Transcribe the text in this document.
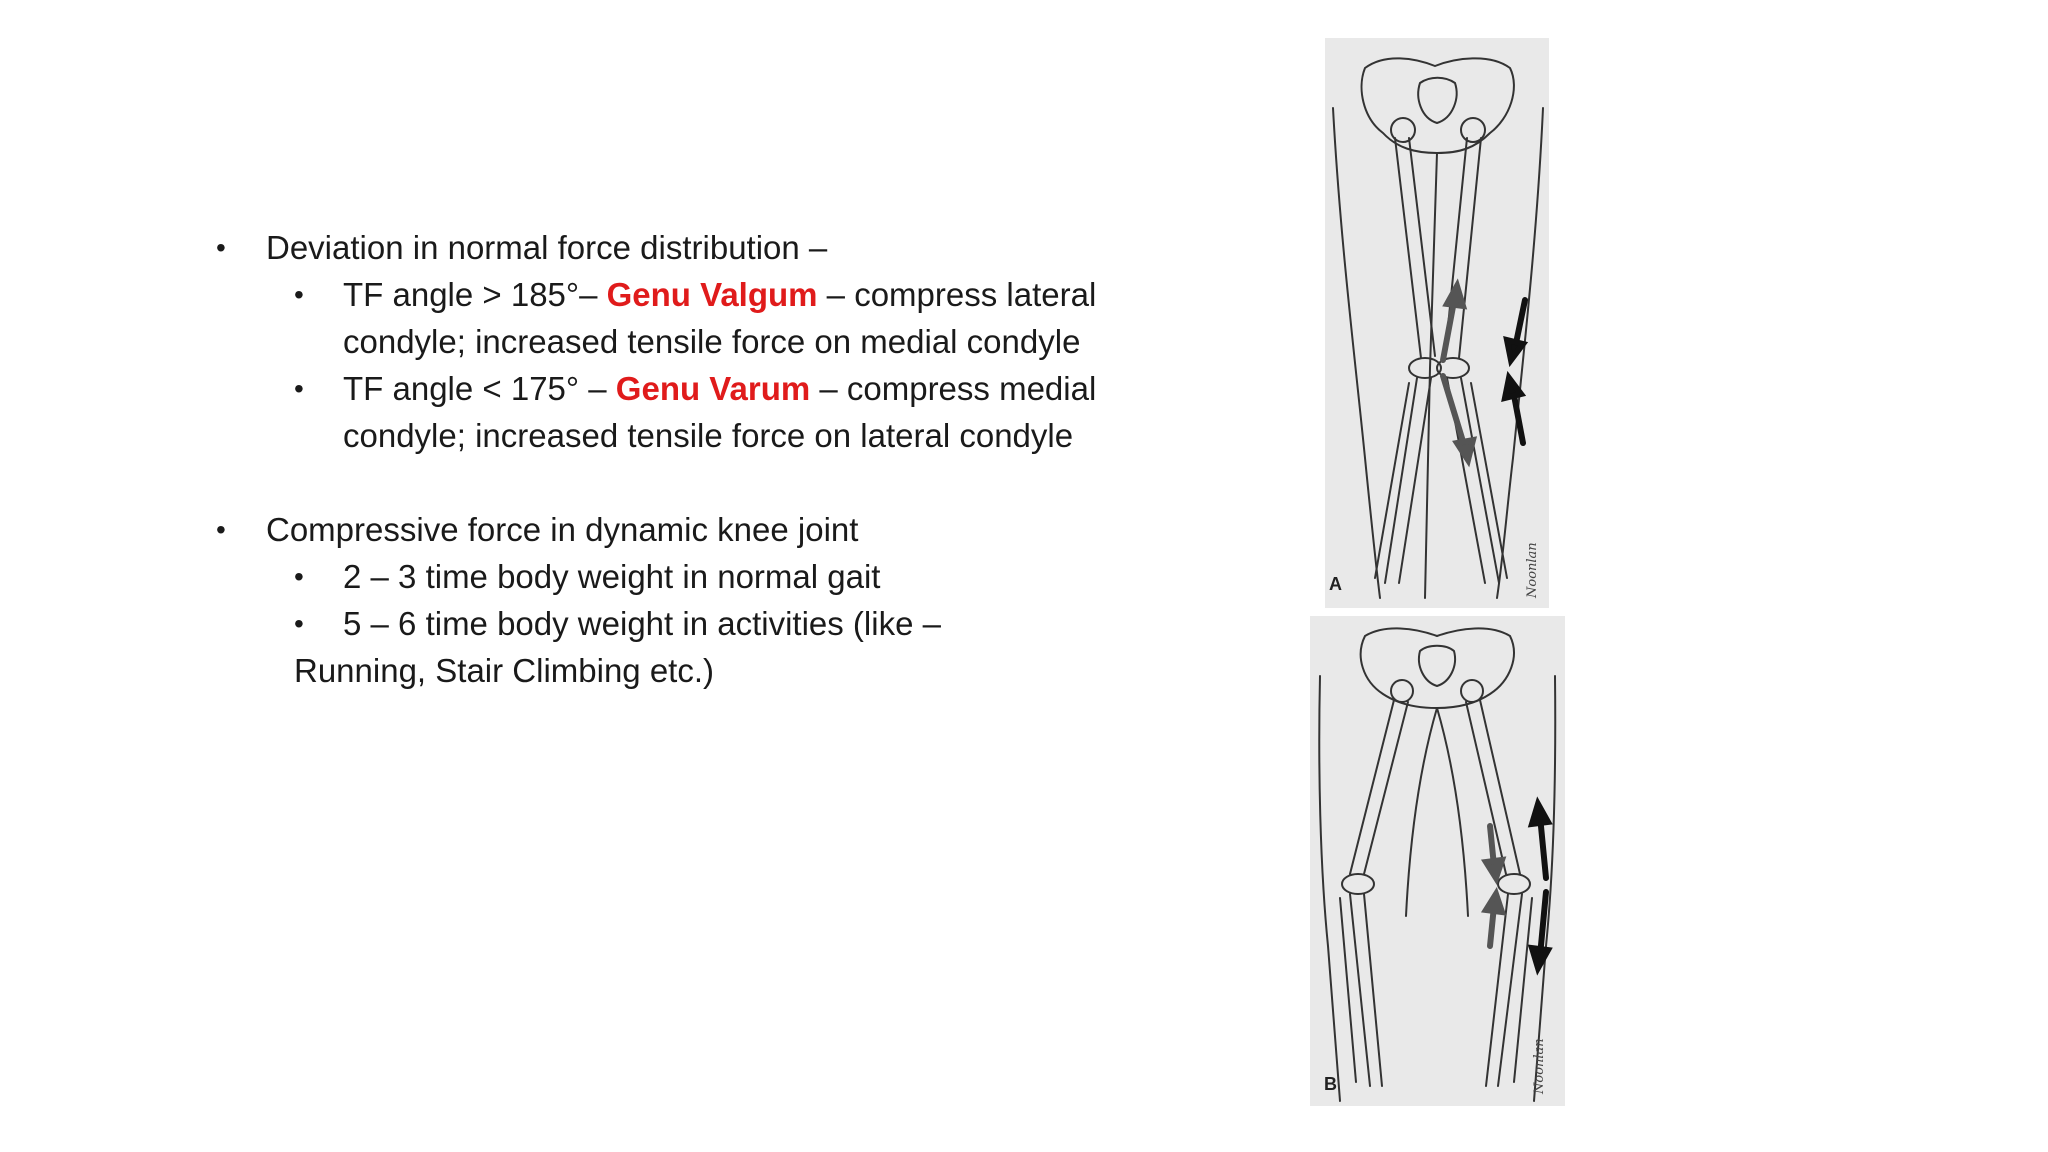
• Deviation in normal force distribution –
• TF angle > 185°– Genu Valgum – compress lateral
condyle; increased tensile force on medial condyle
• TF angle < 175° – Genu Varum – compress medial
condyle; increased tensile force on lateral condyle
• Compressive force in dynamic knee joint
• 2 – 3 time body weight in normal gait
• 5 – 6 time body weight in activities (like –
Running, Stair Climbing etc.)
A	Noonlan
B	Noonlan
